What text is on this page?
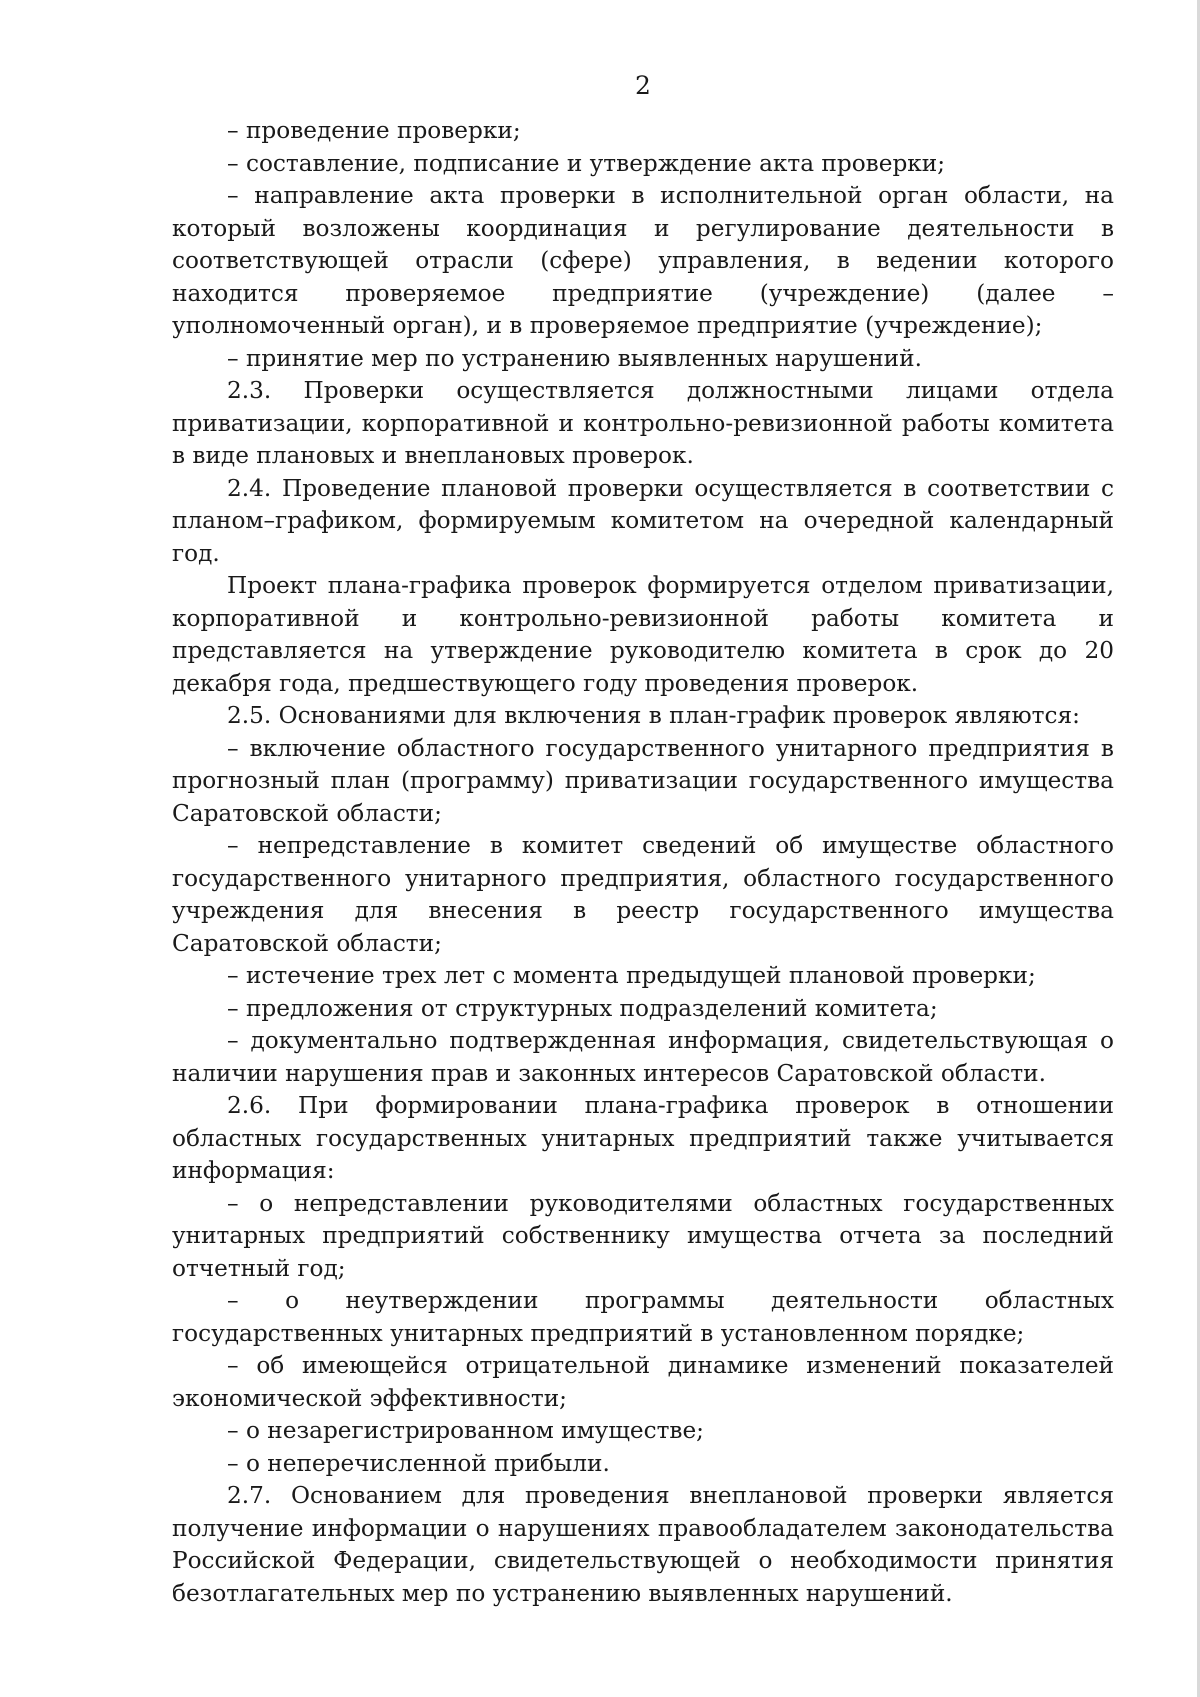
2

– проведение проверки;

– составление, подписание и утверждение акта проверки;

– направление акта проверки в исполнительной орган области, на который возложены координация и регулирование деятельности в соответствующей отрасли (сфере) управления, в ведении которого находится проверяемое предприятие (учреждение) (далее – уполномоченный орган), и в проверяемое предприятие (учреждение);

– принятие мер по устранению выявленных нарушений.

2.3. Проверки осуществляется должностными лицами отдела приватизации, корпоративной и контрольно-ревизионной работы комитета в виде плановых и внеплановых проверок.

2.4. Проведение плановой проверки осуществляется в соответствии с планом–графиком, формируемым комитетом на очередной календарный год.

Проект плана-графика проверок формируется отделом приватизации, корпоративной и контрольно-ревизионной работы комитета и представляется на утверждение руководителю комитета в срок до 20 декабря года, предшествующего году проведения проверок.

2.5. Основаниями для включения в план-график проверок являются:

– включение областного государственного унитарного предприятия в прогнозный план (программу) приватизации государственного имущества Саратовской области;

– непредставление в комитет сведений об имуществе областного государственного унитарного предприятия, областного государственного учреждения для внесения в реестр государственного имущества Саратовской области;

– истечение трех лет с момента предыдущей плановой проверки;

– предложения от структурных подразделений комитета;

– документально подтвержденная информация, свидетельствующая о наличии нарушения прав и законных интересов Саратовской области.

2.6. При формировании плана-графика проверок в отношении областных государственных унитарных предприятий также учитывается информация:

– о непредставлении руководителями областных государственных унитарных предприятий собственнику имущества отчета за последний отчетный год;

– о неутверждении программы деятельности областных государственных унитарных предприятий в установленном порядке;

– об имеющейся отрицательной динамике изменений показателей экономической эффективности;

– о незарегистрированном имуществе;

– о неперечисленной прибыли.

2.7. Основанием для проведения внеплановой проверки является получение информации о нарушениях правообладателем законодательства Российской Федерации, свидетельствующей о необходимости принятия безотлагательных мер по устранению выявленных нарушений.
